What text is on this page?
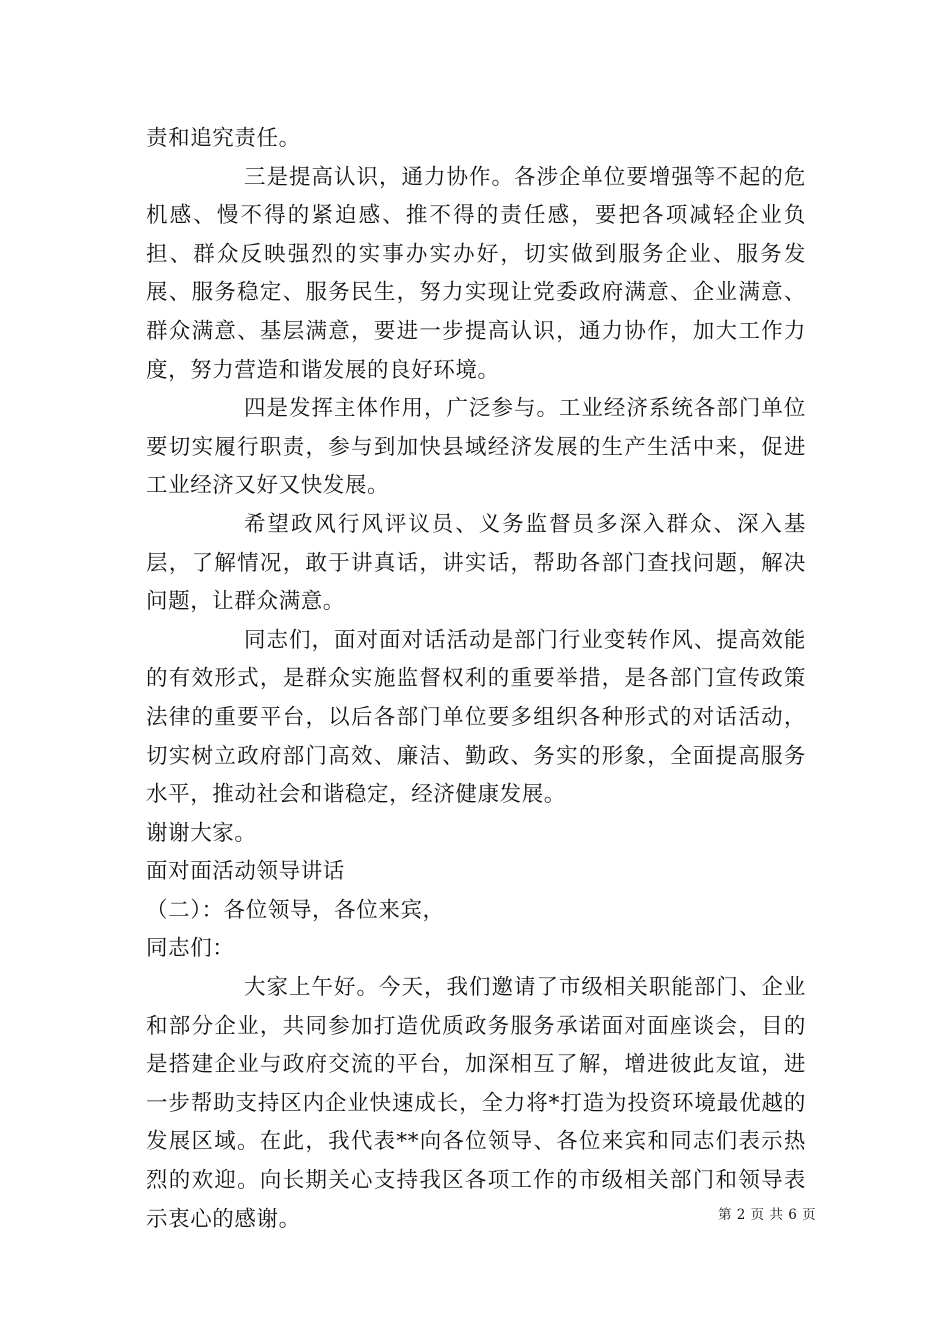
责和追究责任。

三是提高认识，通力协作。各涉企单位要增强等不起的危机感、慢不得的紧迫感、推不得的责任感，要把各项减轻企业负担、群众反映强烈的实事办实办好，切实做到服务企业、服务发展、服务稳定、服务民生，努力实现让党委政府满意、企业满意、群众满意、基层满意，要进一步提高认识，通力协作，加大工作力度，努力营造和谐发展的良好环境。

四是发挥主体作用，广泛参与。工业经济系统各部门单位要切实履行职责，参与到加快县域经济发展的生产生活中来，促进工业经济又好又快发展。

希望政风行风评议员、义务监督员多深入群众、深入基层，了解情况，敢于讲真话，讲实话，帮助各部门查找问题，解决问题，让群众满意。

同志们，面对面对话活动是部门行业变转作风、提高效能的有效形式，是群众实施监督权利的重要举措，是各部门宣传政策法律的重要平台，以后各部门单位要多组织各种形式的对话活动，切实树立政府部门高效、廉洁、勤政、务实的形象，全面提高服务水平，推动社会和谐稳定，经济健康发展。

谢谢大家。

面对面活动领导讲话

（二）：各位领导，各位来宾，

同志们：

大家上午好。今天，我们邀请了市级相关职能部门、企业和部分企业，共同参加打造优质政务服务承诺面对面座谈会，目的是搭建企业与政府交流的平台，加深相互了解，增进彼此友谊，进一步帮助支持区内企业快速成长，全力将*打造为投资环境最优越的发展区域。在此，我代表**向各位领导、各位来宾和同志们表示热烈的欢迎。向长期关心支持我区各项工作的市级相关部门和领导表示衷心的感谢。	第 2 页 共 6 页
